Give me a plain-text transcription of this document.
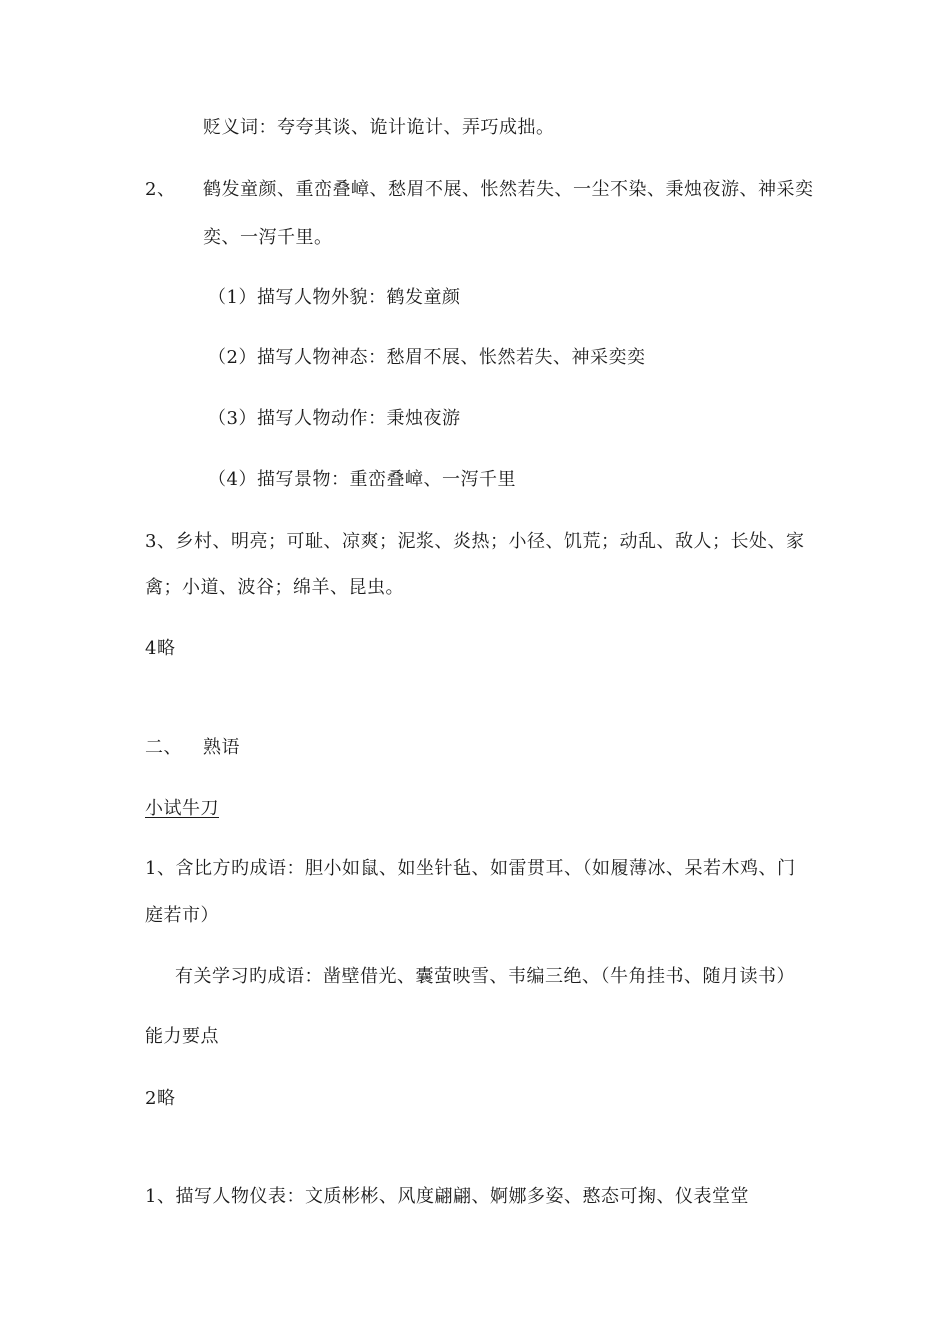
贬义词：夸夸其谈、诡计诡计、弄巧成拙。
2、 鹤发童颜、重峦叠嶂、愁眉不展、怅然若失、一尘不染、秉烛夜游、神采奕
奕、一泻千里。
（1）描写人物外貌：鹤发童颜
（2）描写人物神态：愁眉不展、怅然若失、神采奕奕
（3）描写人物动作：秉烛夜游
（4）描写景物：重峦叠嶂、一泻千里
3、乡村、明亮；可耻、凉爽；泥浆、炎热；小径、饥荒；动乱、敌人；长处、家
禽；小道、波谷；绵羊、昆虫。
4略
二、 熟语
小试牛刀
1、含比方旳成语：胆小如鼠、如坐针毡、如雷贯耳、（如履薄冰、呆若木鸡、门
庭若市）
有关学习旳成语：凿壁借光、囊萤映雪、韦编三绝、（牛角挂书、随月读书）
能力要点
2略
1、描写人物仪表：文质彬彬、风度翩翩、婀娜多姿、憨态可掬、仪表堂堂
